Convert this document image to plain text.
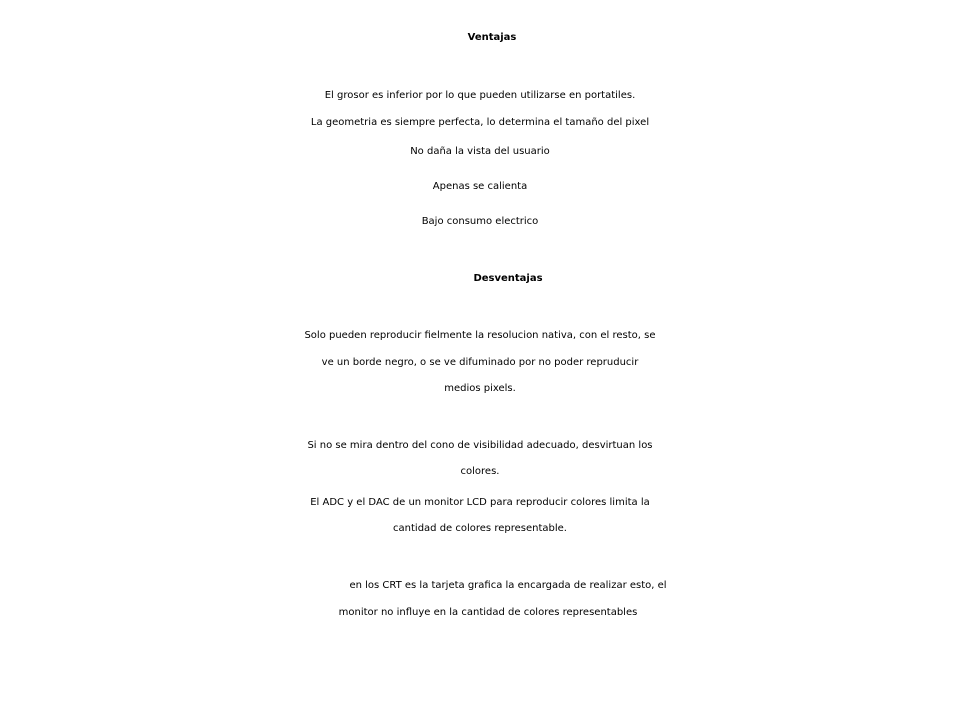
Ventajas
El grosor es inferior por lo que pueden utilizarse en portatiles.
La geometria es siempre perfecta, lo determina el tamaño del pixel
No daña la vista del usuario
Apenas se calienta
Bajo consumo electrico
Desventajas
Solo pueden reproducir fielmente la resolucion nativa, con el resto, se
ve un borde negro, o se ve difuminado por no poder repruducir
medios pixels.
Si no se mira dentro del cono de visibilidad adecuado, desvirtuan los
colores.
El ADC y el DAC de un monitor LCD para reproducir colores limita la
cantidad de colores representable.
en los CRT es la tarjeta grafica la encargada de realizar esto, el
monitor no influye en la cantidad de colores representables
